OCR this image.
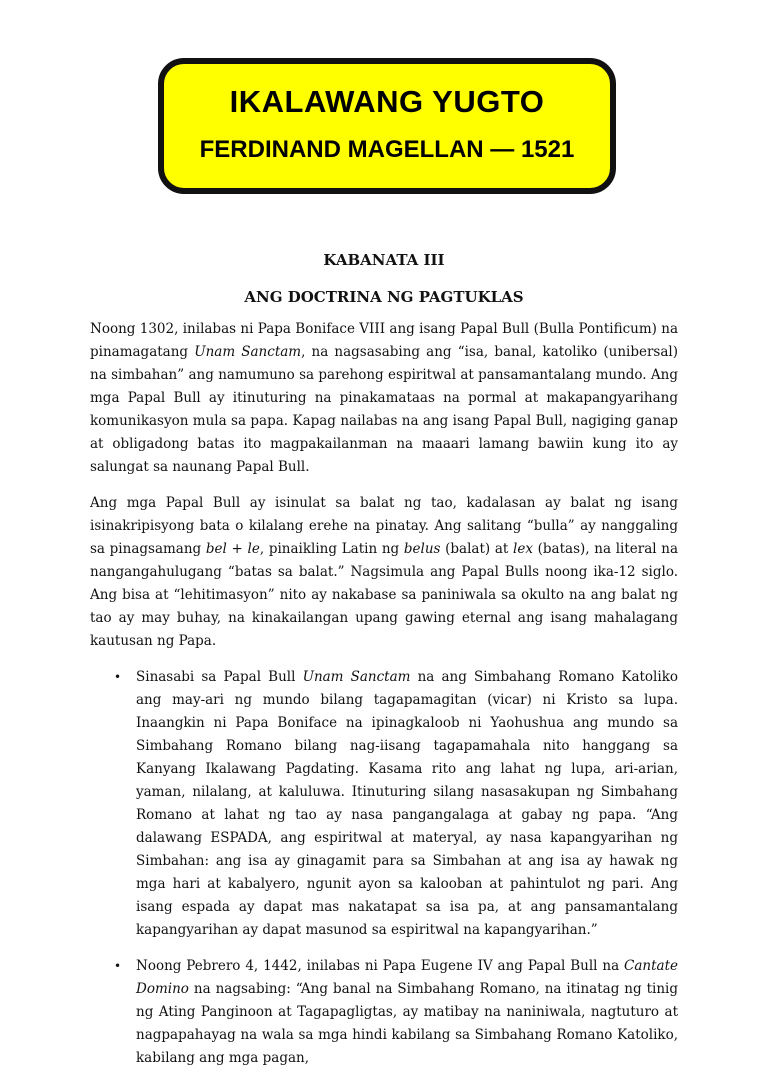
IKALAWANG YUGTO
FERDINAND MAGELLAN — 1521
KABANATA III
ANG DOCTRINA NG PAGTUKLAS

Noong 1302, inilabas ni Papa Boniface VIII ang isang Papal Bull (Bulla Pontificum) na pinamagatang Unam Sanctam, na nagsasabing ang “isa, banal, katoliko (unibersal) na simbahan” ang namumuno sa parehong espiritwal at pansamantalang mundo. Ang mga Papal Bull ay itinuturing na pinakamataas na pormal at makapangyarihang komunikasyon mula sa papa. Kapag nailabas na ang isang Papal Bull, nagiging ganap at obligadong batas ito magpakailanman na maaari lamang bawiin kung ito ay salungat sa naunang Papal Bull.

Ang mga Papal Bull ay isinulat sa balat ng tao, kadalasan ay balat ng isang isinakripisyong bata o kilalang erehe na pinatay. Ang salitang “bulla” ay nanggaling sa pinagsamang bel + le, pinaikling Latin ng belus (balat) at lex (batas), na literal na nangangahulugang “batas sa balat.” Nagsimula ang Papal Bulls noong ika-12 siglo. Ang bisa at “lehitimasyon” nito ay nakabase sa paniniwala sa okulto na ang balat ng tao ay may buhay, na kinakailangan upang gawing eternal ang isang mahalagang kautusan ng Papa.

• Sinasabi sa Papal Bull Unam Sanctam na ang Simbahang Romano Katoliko ang may-ari ng mundo bilang tagapamagitan (vicar) ni Kristo sa lupa. Inaangkin ni Papa Boniface na ipinagkaloob ni Yaohushua ang mundo sa Simbahang Romano bilang nag-iisang tagapamahala nito hanggang sa Kanyang Ikalawang Pagdating. Kasama rito ang lahat ng lupa, ari-arian, yaman, nilalang, at kaluluwa. Itinuturing silang nasasakupan ng Simbahang Romano at lahat ng tao ay nasa pangangalaga at gabay ng papa. “Ang dalawang ESPADA, ang espiritwal at materyal, ay nasa kapangyarihan ng Simbahan: ang isa ay ginagamit para sa Simbahan at ang isa ay hawak ng mga hari at kabalyero, ngunit ayon sa kalooban at pahintulot ng pari. Ang isang espada ay dapat mas nakatapat sa isa pa, at ang pansamantalang kapangyarihan ay dapat masunod sa espiritwal na kapangyarihan.”
• Noong Pebrero 4, 1442, inilabas ni Papa Eugene IV ang Papal Bull na Cantate Domino na nagsabing: “Ang banal na Simbahang Romano, na itinatag ng tinig ng Ating Panginoon at Tagapagligtas, ay matibay na naniniwala, nagtuturo at nagpapahayag na wala sa mga hindi kabilang sa Simbahang Romano Katoliko, kabilang ang mga pagan,
